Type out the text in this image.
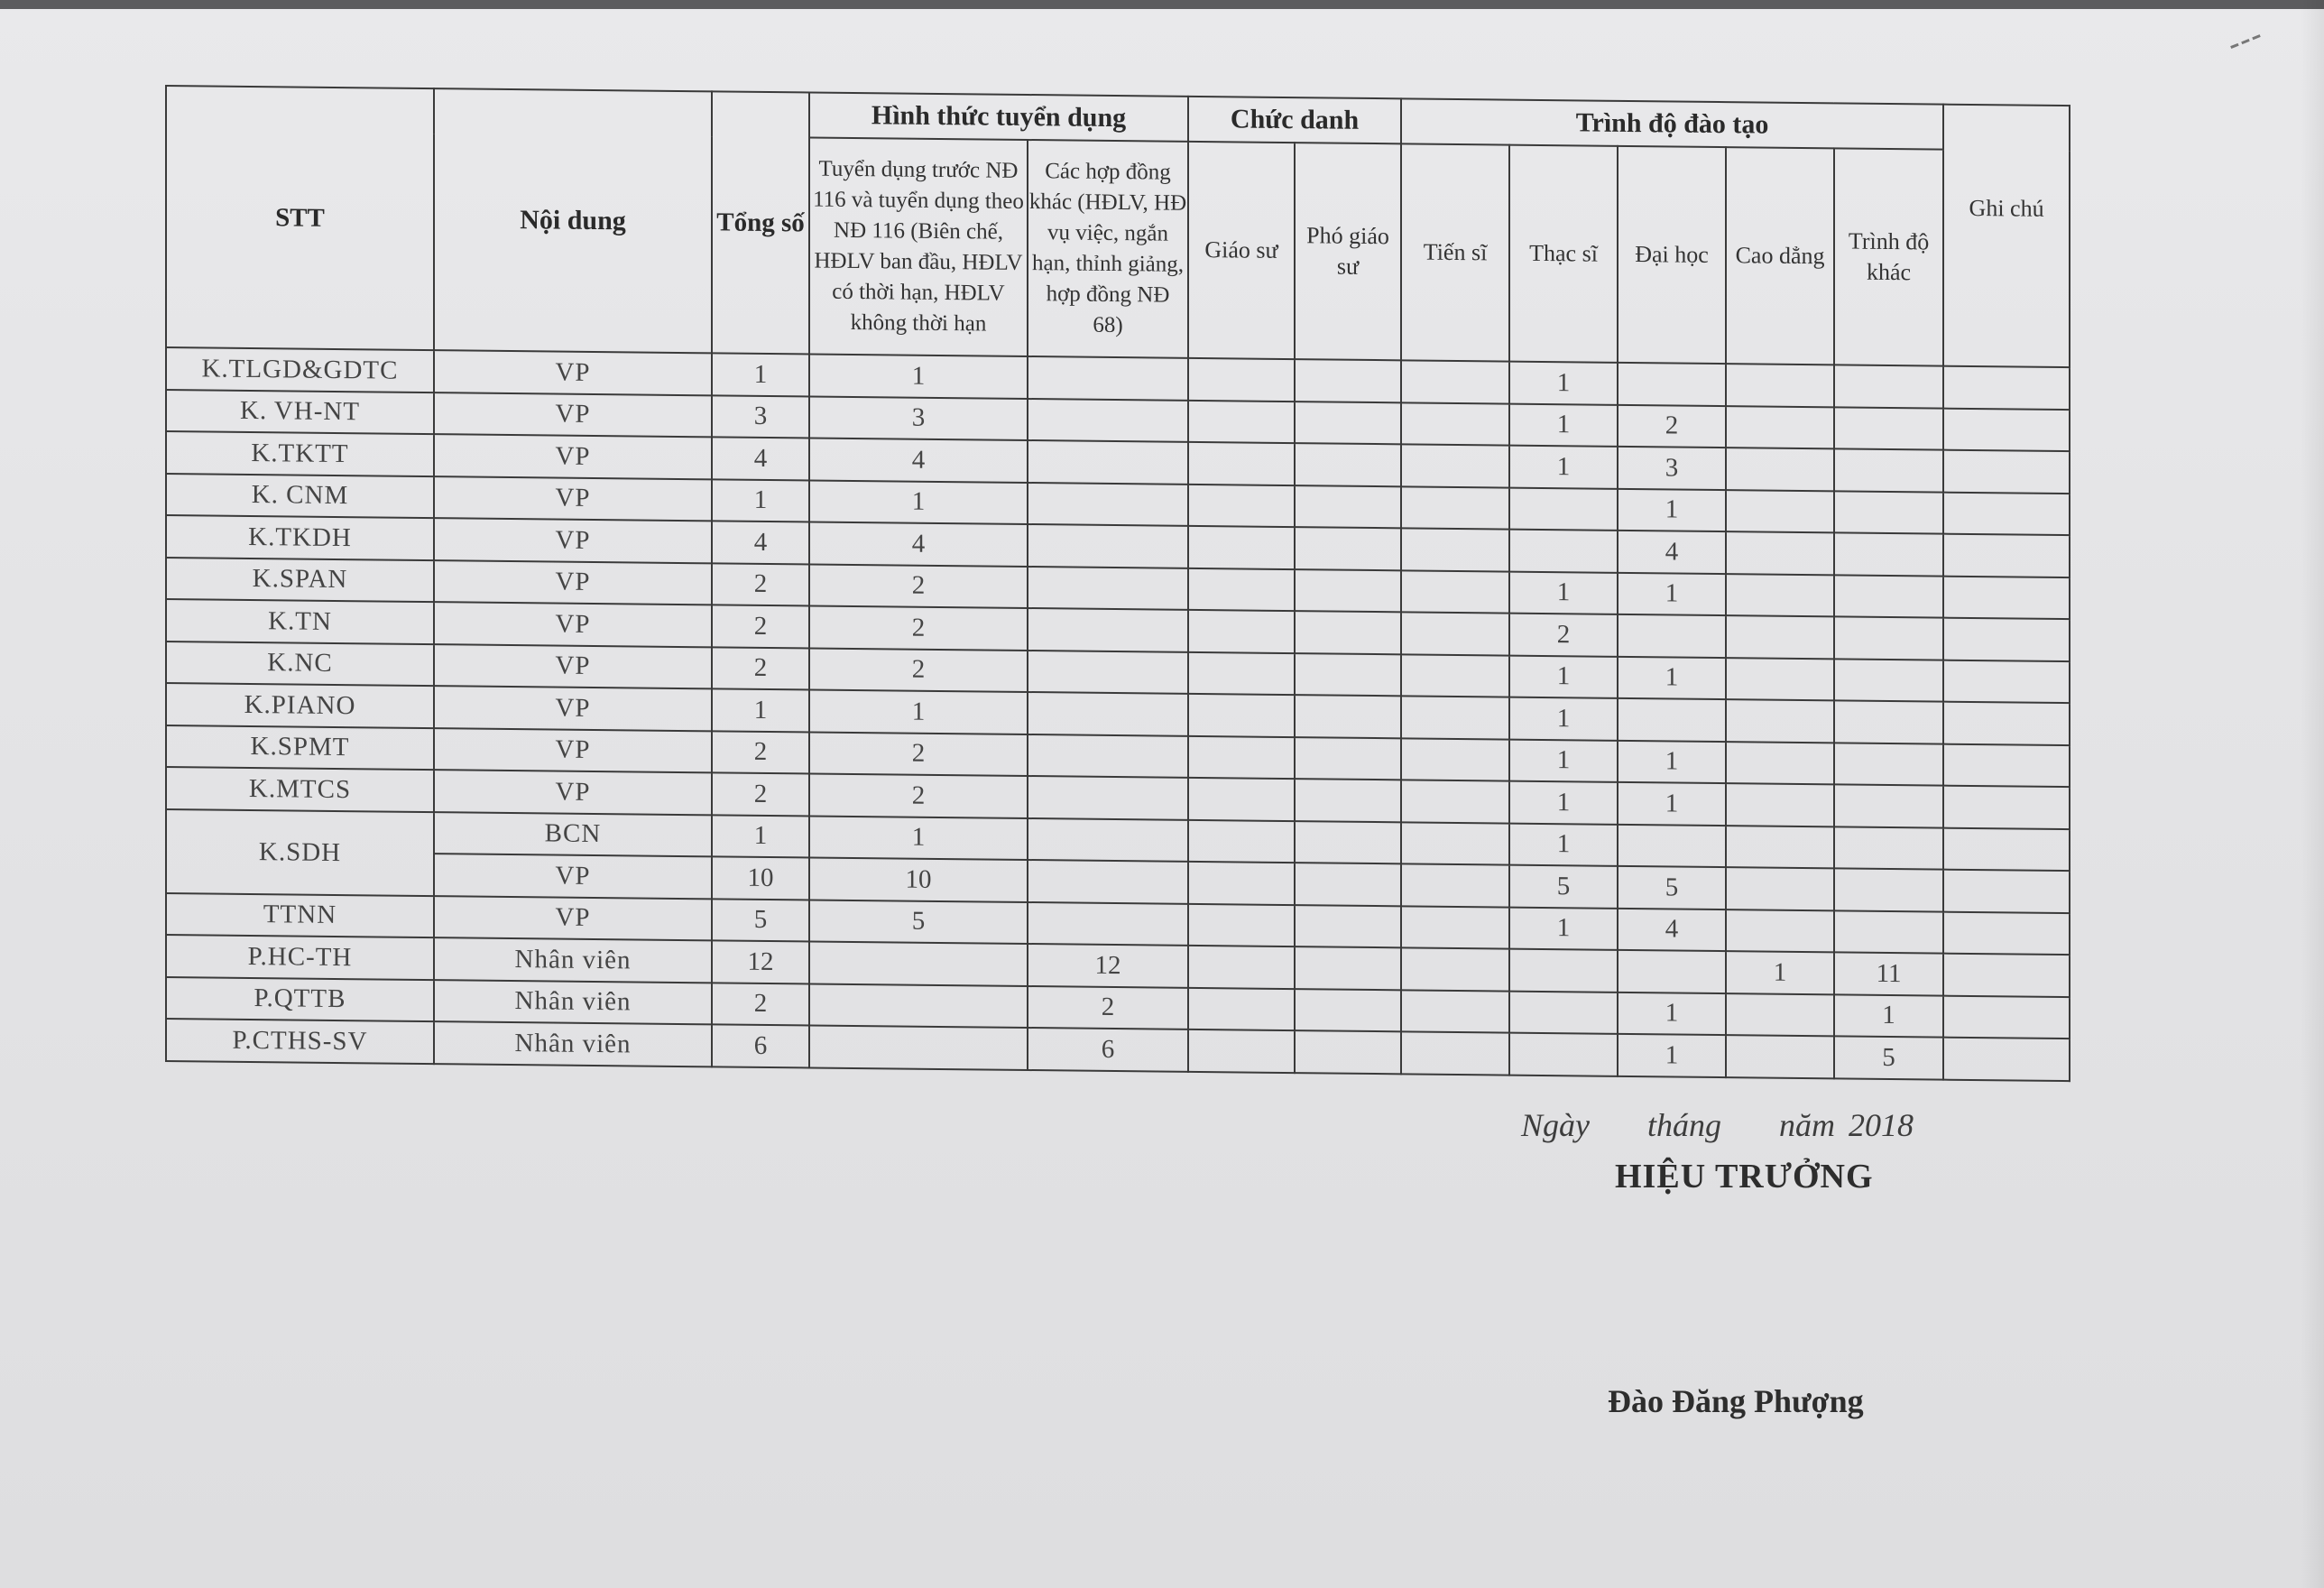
STT	Nội dung	Tổng số	Hình thức tuyển dụng		Chức danh		Trình độ đào tạo					Ghi chú
			Tuyển dụng trước NĐ 116 và tuyển dụng theo NĐ 116 (Biên chế, HĐLV ban đầu, HĐLV có thời hạn, HĐLV không thời hạn	Các hợp đồng khác (HĐLV, HĐ vụ việc, ngắn hạn, thỉnh giảng, hợp đồng NĐ 68)	Giáo sư	Phó giáo sư	Tiến sĩ	Thạc sĩ	Đại học	Cao dẳng	Trình độ khác	
K.TLGD&GDTC	VP	1	1					1				
K. VH-NT	VP	3	3					1	2			
K.TKTT	VP	4	4					1	3			
K. CNM	VP	1	1						1			
K.TKDH	VP	4	4						4			
K.SPAN	VP	2	2					1	1			
K.TN	VP	2	2					2				
K.NC	VP	2	2					1	1			
K.PIANO	VP	1	1					1				
K.SPMT	VP	2	2					1	1			
K.MTCS	VP	2	2					1	1			
K.SDH	BCN	1	1					1				
	VP	10	10					5	5			
TTNN	VP	5	5					1	4			
P.HC-TH	Nhân viên	12		12						1	11	
P.QTTB	Nhân viên	2		2					1		1	
P.CTHS-SV	Nhân viên	6		6					1		5	
Ngày tháng năm 2018
HIỆU TRƯỞNG
Đào Đăng Phượng
